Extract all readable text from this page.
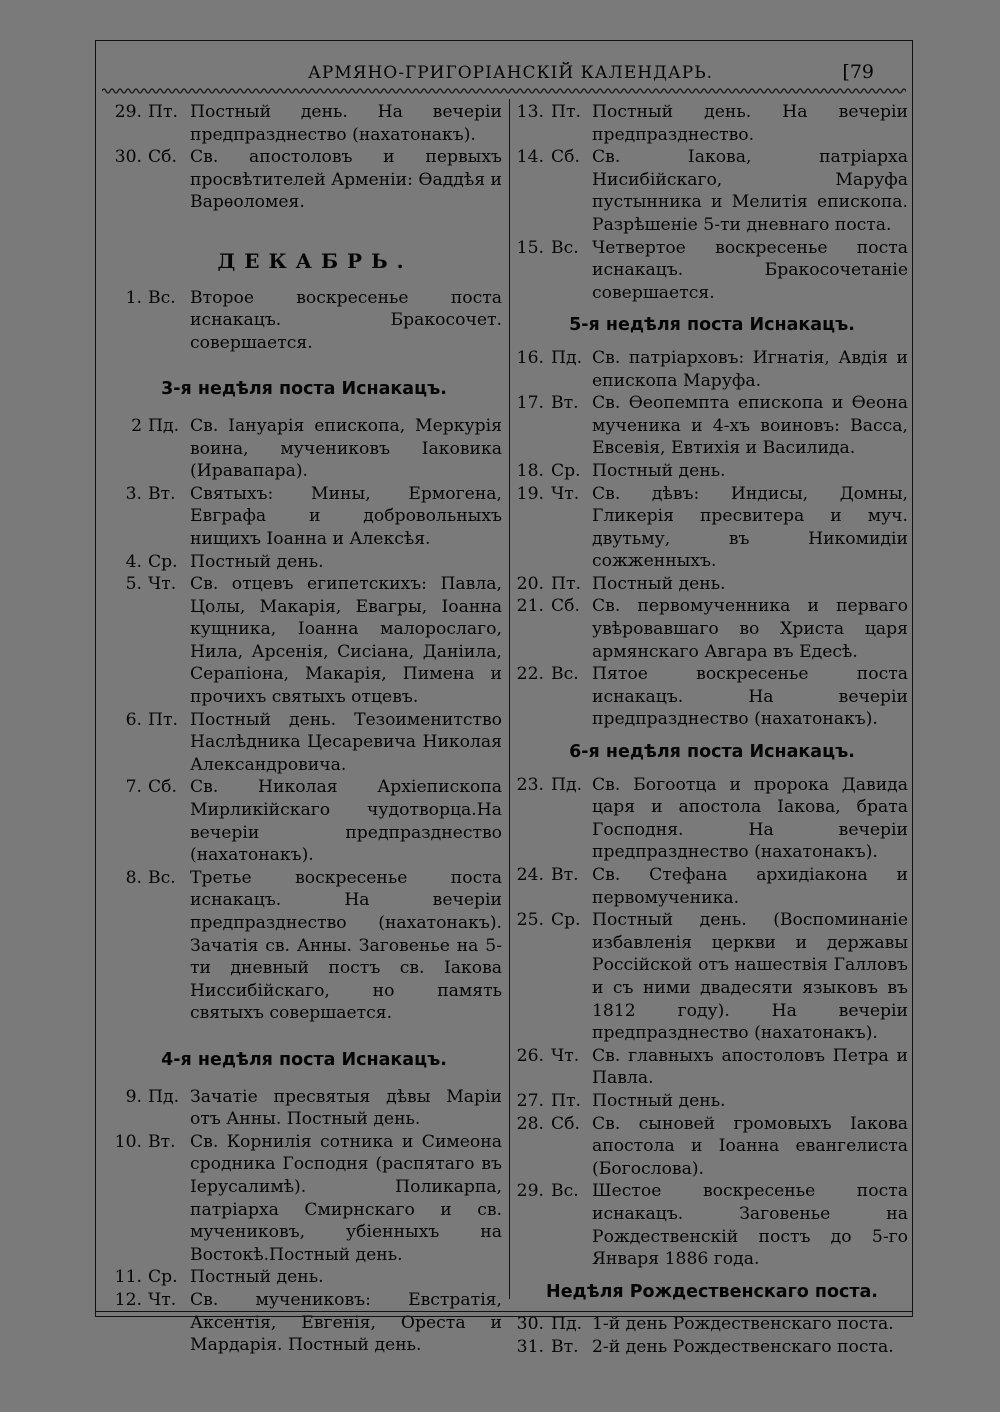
АРМЯНО-ГРИГОРІАНСКІЙ КАЛЕНДАРЬ.	[79
29. Пт. Постный день. На вечеріи предпразднество (нахатонакъ).
30. Сб. Св. апостоловъ и первыхъ просвѣтителей Арменіи: Ѳаддѣя и Варѳоломея.
ДЕКАБРЬ.
1. Вс. Второе воскресенье поста иснакацъ. Бракосочет. совершается.
3-я недѣля поста Иснакацъ.
2 Пд. Св. Іануарія епископа, Меркурія воина, мучениковъ Іаковика (Иравапара).
3. Вт. Святыхъ: Мины, Ермогена, Евграфа и добровольныхъ нищихъ Іоанна и Алексѣя.
4. Ср. Постный день.
5. Чт. Св. отцевъ египетскихъ: Павла, Цолы, Макарія, Евагры, Іоанна кущника, Іоанна малорослаго, Нила, Арсенія, Сисіана, Даніила, Серапіона, Макарія, Пимена и прочихъ святыхъ отцевъ.
6. Пт. Постный день. Тезоименитство Наслѣдника Цесаревича Николая Александровича.
7. Сб. Св. Николая Архіепископа Мирликійскаго чудотворца.На вечеріи предпразднество (нахатонакъ).
8. Вс. Третье воскресенье поста иснакацъ. На вечеріи предпразднество (нахатонакъ). Зачатія св. Анны. Заговенье на 5-ти дневный постъ св. Іакова Ниссибійскаго, но память святыхъ совершается.
4-я недѣля поста Иснакацъ.
9. Пд. Зачатіе пресвятыя дѣвы Маріи отъ Анны. Постный день.
10. Вт. Св. Корнилія сотника и Симеона сродника Господня (распятаго въ Іерусалимѣ). Поликарпа, патріарха Смирнскаго и св. мучениковъ, убіенныхъ на Востокѣ.Постный день.
11. Ср. Постный день.
12. Чт. Св. мучениковъ: Евстратія, Аксентія, Евгенія, Ореста и Мардарія. Постный день.
13. Пт. Постный день. На вечеріи предпразднество.
14. Сб. Св. Іакова, патріарха Нисибійскаго, Маруфа пустынника и Мелитія епископа. Разрѣшеніе 5-ти дневнаго поста.
15. Вс. Четвертое воскресенье поста иснакацъ. Бракосочетаніе совершается.
5-я недѣля поста Иснакацъ.
16. Пд. Св. патріарховъ: Игнатія, Авдія и епископа Маруфа.
17. Вт. Св. Ѳеопемпта епископа и Ѳеона мученика и 4-хъ воиновъ: Васса, Евсевія, Евтихія и Василида.
18. Ср. Постный день.
19. Чт. Св. дѣвъ: Индисы, Домны, Гликерія пресвитера и муч. двутьму, въ Никомидіи сожженныхъ.
20. Пт. Постный день.
21. Сб. Св. первомученника и перваго увѣровавшаго во Христа царя армянскаго Авгара въ Едесѣ.
22. Вс. Пятое воскресенье поста иснакацъ. На вечеріи предпразднество (нахатонакъ).
6-я недѣля поста Иснакацъ.
23. Пд. Св. Богоотца и пророка Давида царя и апостола Іакова, брата Господня. На вечеріи предпразднество (нахатонакъ).
24. Вт. Св. Стефана архидіакона и первомученика.
25. Ср. Постный день. (Воспоминаніе избавленія церкви и державы Россійской отъ нашествія Галловъ и съ ними двадесяти языковъ въ 1812 году). На вечеріи предпразднество (нахатонакъ).
26. Чт. Св. главныхъ апостоловъ Петра и Павла.
27. Пт. Постный день.
28. Сб. Св. сыновей громовыхъ Іакова апостола и Іоанна евангелиста (Богослова).
29. Вс. Шестое воскресенье поста иснакацъ. Заговенье на Рождественскій постъ до 5-го Января 1886 года.
Недѣля Рождественскаго поста.
30. Пд. 1-й день Рождественскаго поста.
31. Вт. 2-й день Рождественскаго поста.
